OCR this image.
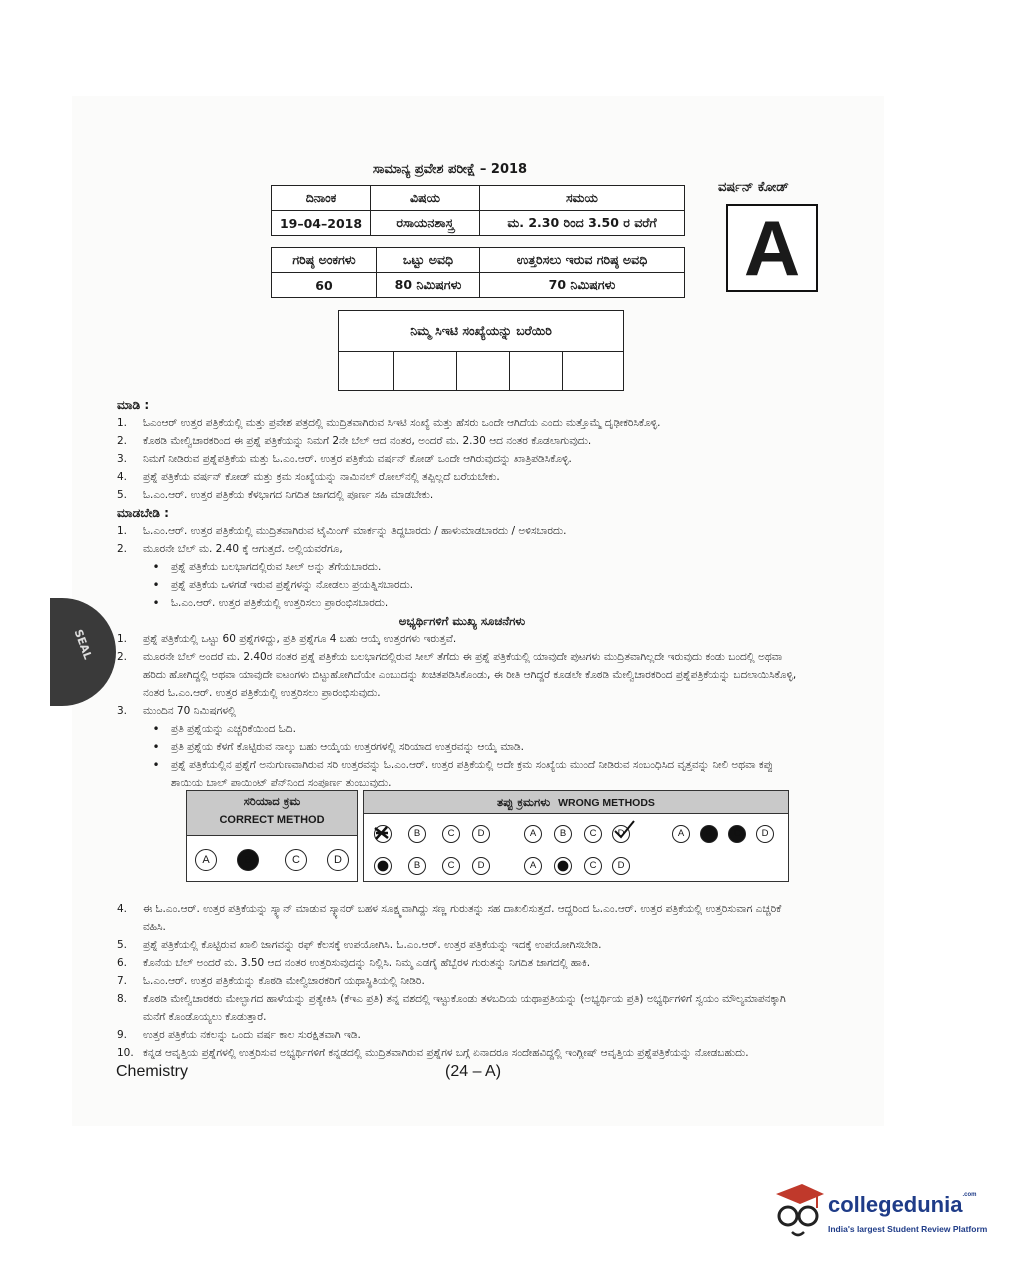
ಸಾಮಾನ್ಯ ಪ್ರವೇಶ ಪರೀಕ್ಷೆ – 2018
ದಿನಾಂಕ	ವಿಷಯ	ಸಮಯ
19–04–2018	ರಸಾಯನಶಾಸ್ತ್ರ	ಮ. 2.30 ರಿಂದ 3.50 ರ ವರೆಗೆ
ಗರಿಷ್ಠ ಅಂಕಗಳು	ಒಟ್ಟು ಅವಧಿ	ಉತ್ತರಿಸಲು ಇರುವ ಗರಿಷ್ಠ ಅವಧಿ
60	80 ನಿಮಿಷಗಳು	70 ನಿಮಿಷಗಳು
ವರ್ಷನ್ ಕೋಡ್
A
ನಿಮ್ಮ ಸಿಇಟಿ ಸಂಖ್ಯೆಯನ್ನು ಬರೆಯಿರಿ

SEAL
ಮಾಡಿ :
1.	ಓಎಂಆರ್ ಉತ್ತರ ಪತ್ರಿಕೆಯಲ್ಲಿ ಮತ್ತು ಪ್ರವೇಶ ಪತ್ರದಲ್ಲಿ ಮುದ್ರಿತವಾಗಿರುವ ಸಿಇಟಿ ಸಂಖ್ಯೆ ಮತ್ತು ಹೆಸರು ಒಂದೇ ಆಗಿದೆಯ ಎಂದು ಮತ್ತೊಮ್ಮೆ ದೃಢೀಕರಿಸಿಕೊಳ್ಳಿ.
2.	ಕೊಠಡಿ ಮೇಲ್ವಿಚಾರಕರಿಂದ ಈ ಪ್ರಶ್ನೆ ಪತ್ರಿಕೆಯನ್ನು ನಿಮಗೆ 2ನೇ ಬೆಲ್ ಆದ ನಂತರ, ಅಂದರೆ ಮ. 2.30 ಆದ ನಂತರ ಕೊಡಲಾಗುವುದು.
3.	ನಿಮಗೆ ನೀಡಿರುವ ಪ್ರಶ್ನೆಪತ್ರಿಕೆಯ ಮತ್ತು ಓ.ಎಂ.ಆರ್. ಉತ್ತರ ಪತ್ರಿಕೆಯ ವರ್ಷನ್ ಕೋಡ್ ಒಂದೇ ಆಗಿರುವುದನ್ನು ಖಾತ್ರಿಪಡಿಸಿಕೊಳ್ಳಿ.
4.	ಪ್ರಶ್ನೆ ಪತ್ರಿಕೆಯ ವರ್ಷನ್ ಕೋಡ್ ಮತ್ತು ಕ್ರಮ ಸಂಖ್ಯೆಯನ್ನು ನಾಮಿನಲ್ ರೋಲ್‌ನಲ್ಲಿ ತಪ್ಪಿಲ್ಲದೆ ಬರೆಯಬೇಕು.
5.	ಓ.ಎಂ.ಆರ್. ಉತ್ತರ ಪತ್ರಿಕೆಯ ಕೆಳಭಾಗದ ನಿಗದಿತ ಜಾಗದಲ್ಲಿ ಪೂರ್ಣ ಸಹಿ ಮಾಡಬೇಕು.
ಮಾಡಬೇಡಿ :
1.	ಓ.ಎಂ.ಆರ್. ಉತ್ತರ ಪತ್ರಿಕೆಯಲ್ಲಿ ಮುದ್ರಿತವಾಗಿರುವ ಟೈಮಿಂಗ್ ಮಾರ್ಕನ್ನು ತಿದ್ದಬಾರದು / ಹಾಳುಮಾಡಬಾರದು / ಅಳಿಸಬಾರದು.
2.	ಮೂರನೇ ಬೆಲ್ ಮ. 2.40 ಕ್ಕೆ ಆಗುತ್ತದೆ. ಅಲ್ಲಿಯವರೆಗೂ,
•	ಪ್ರಶ್ನೆ ಪತ್ರಿಕೆಯ ಬಲಭಾಗದಲ್ಲಿರುವ ಸೀಲ್ ಅನ್ನು ತೆಗೆಯಬಾರದು.
•	ಪ್ರಶ್ನೆ ಪತ್ರಿಕೆಯ ಒಳಗಡೆ ಇರುವ ಪ್ರಶ್ನೆಗಳನ್ನು ನೋಡಲು ಪ್ರಯತ್ನಿಸಬಾರದು.
•	ಓ.ಎಂ.ಆರ್. ಉತ್ತರ ಪತ್ರಿಕೆಯಲ್ಲಿ ಉತ್ತರಿಸಲು ಪ್ರಾರಂಭಿಸಬಾರದು.
ಅಭ್ಯರ್ಥಿಗಳಿಗೆ ಮುಖ್ಯ ಸೂಚನೆಗಳು
1.	ಪ್ರಶ್ನೆ ಪತ್ರಿಕೆಯಲ್ಲಿ ಒಟ್ಟು 60 ಪ್ರಶ್ನೆಗಳಿದ್ದು, ಪ್ರತಿ ಪ್ರಶ್ನೆಗೂ 4 ಬಹು ಆಯ್ಕೆ ಉತ್ತರಗಳು ಇರುತ್ತವೆ.
2.	ಮೂರನೇ ಬೆಲ್ ಅಂದರೆ ಮ. 2.40ರ ನಂತರ ಪ್ರಶ್ನೆ ಪತ್ರಿಕೆಯ ಬಲಭಾಗದಲ್ಲಿರುವ ಸೀಲ್ ತೆಗೆದು ಈ ಪ್ರಶ್ನೆ ಪತ್ರಿಕೆಯಲ್ಲಿ ಯಾವುದೇ ಪುಟಗಳು ಮುದ್ರಿತವಾಗಿಲ್ಲದೇ ಇರುವುದು ಕಂಡು ಬಂದಲ್ಲಿ ಅಥವಾ ಹರಿದು ಹೋಗಿದ್ದಲ್ಲಿ ಅಥವಾ ಯಾವುದೇ ಐಟಂಗಳು ಬಿಟ್ಟುಹೋಗಿದೆಯೇ ಎಂಬುದನ್ನು ಖಚಿತಪಡಿಸಿಕೊಂಡು, ಈ ರೀತಿ ಆಗಿದ್ದರೆ ಕೂಡಲೇ ಕೊಠಡಿ ಮೇಲ್ವಿಚಾರಕರಿಂದ ಪ್ರಶ್ನೆಪತ್ರಿಕೆಯನ್ನು ಬದಲಾಯಿಸಿಕೊಳ್ಳಿ, ನಂತರ ಓ.ಎಂ.ಆರ್. ಉತ್ತರ ಪತ್ರಿಕೆಯಲ್ಲಿ ಉತ್ತರಿಸಲು ಪ್ರಾರಂಭಿಸುವುದು.
3.	ಮುಂದಿನ 70 ನಿಮಿಷಗಳಲ್ಲಿ
•	ಪ್ರತಿ ಪ್ರಶ್ನೆಯನ್ನು ಎಚ್ಚರಿಕೆಯಿಂದ ಓದಿ.
•	ಪ್ರತಿ ಪ್ರಶ್ನೆಯ ಕೆಳಗೆ ಕೊಟ್ಟಿರುವ ನಾಲ್ಕು ಬಹು ಆಯ್ಕೆಯ ಉತ್ತರಗಳಲ್ಲಿ ಸರಿಯಾದ ಉತ್ತರವನ್ನು ಆಯ್ಕೆ ಮಾಡಿ.
•	ಪ್ರಶ್ನೆ ಪತ್ರಿಕೆಯಲ್ಲಿನ ಪ್ರಶ್ನೆಗೆ ಅನುಗುಣವಾಗಿರುವ ಸರಿ ಉತ್ತರವನ್ನು ಓ.ಎಂ.ಆರ್. ಉತ್ತರ ಪತ್ರಿಕೆಯಲ್ಲಿ ಅದೇ ಕ್ರಮ ಸಂಖ್ಯೆಯ ಮುಂದೆ ನೀಡಿರುವ ಸಂಬಂಧಿಸಿದ ವೃತ್ತವನ್ನು ನೀಲಿ ಅಥವಾ ಕಪ್ಪು ಶಾಯಿಯ ಬಾಲ್ ಪಾಯಿಂಟ್ ಪೆನ್‌ನಿಂದ ಸಂಪೂರ್ಣ ತುಂಬುವುದು.
4.	ಈ ಓ.ಎಂ.ಆರ್. ಉತ್ತರ ಪತ್ರಿಕೆಯನ್ನು ಸ್ಕ್ಯಾನ್ ಮಾಡುವ ಸ್ಕ್ಯಾನರ್ ಬಹಳ ಸೂಕ್ಷ್ಮವಾಗಿದ್ದು ಸಣ್ಣ ಗುರುತನ್ನು ಸಹ ದಾಖಲಿಸುತ್ತದೆ. ಆದ್ದರಿಂದ ಓ.ಎಂ.ಆರ್. ಉತ್ತರ ಪತ್ರಿಕೆಯಲ್ಲಿ ಉತ್ತರಿಸುವಾಗ ಎಚ್ಚರಿಕೆ ವಹಿಸಿ.
5.	ಪ್ರಶ್ನೆ ಪತ್ರಿಕೆಯಲ್ಲಿ ಕೊಟ್ಟಿರುವ ಖಾಲಿ ಜಾಗವನ್ನು ರಫ್ ಕೆಲಸಕ್ಕೆ ಉಪಯೋಗಿಸಿ. ಓ.ಎಂ.ಆರ್. ಉತ್ತರ ಪತ್ರಿಕೆಯನ್ನು ಇದಕ್ಕೆ ಉಪಯೋಗಿಸಬೇಡಿ.
6.	ಕೊನೆಯ ಬೆಲ್ ಅಂದರೆ ಮ. 3.50 ಆದ ನಂತರ ಉತ್ತರಿಸುವುದನ್ನು ನಿಲ್ಲಿಸಿ. ನಿಮ್ಮ ಎಡಗೈ ಹೆಬ್ಬೆರಳ ಗುರುತನ್ನು ನಿಗದಿತ ಜಾಗದಲ್ಲಿ ಹಾಕಿ.
7.	ಓ.ಎಂ.ಆರ್. ಉತ್ತರ ಪತ್ರಿಕೆಯನ್ನು ಕೊಠಡಿ ಮೇಲ್ವಿಚಾರಕರಿಗೆ ಯಥಾಸ್ಥಿತಿಯಲ್ಲಿ ನೀಡಿರಿ.
8.	ಕೊಠಡಿ ಮೇಲ್ವಿಚಾರಕರು ಮೇಲ್ಭಾಗದ ಹಾಳೆಯನ್ನು ಪ್ರತ್ಯೇಕಿಸಿ (ಕೆಇಎ ಪ್ರತಿ) ತನ್ನ ವಶದಲ್ಲಿ ಇಟ್ಟುಕೊಂಡು ತಳಬದಿಯ ಯಥಾಪ್ರತಿಯನ್ನು (ಅಭ್ಯರ್ಥಿಯ ಪ್ರತಿ) ಅಭ್ಯರ್ಥಿಗಳಿಗೆ ಸ್ವಯಂ ಮೌಲ್ಯಮಾಪನಕ್ಕಾಗಿ ಮನೆಗೆ ಕೊಂಡೊಯ್ಯಲು ಕೊಡುತ್ತಾರೆ.
9.	ಉತ್ತರ ಪತ್ರಿಕೆಯ ನಕಲನ್ನು ಒಂದು ವರ್ಷ ಕಾಲ ಸುರಕ್ಷಿತವಾಗಿ ಇಡಿ.
10. ಕನ್ನಡ ಆವೃತ್ತಿಯ ಪ್ರಶ್ನೆಗಳಲ್ಲಿ ಉತ್ತರಿಸುವ ಅಭ್ಯರ್ಥಿಗಳಿಗೆ ಕನ್ನಡದಲ್ಲಿ ಮುದ್ರಿತವಾಗಿರುವ ಪ್ರಶ್ನೆಗಳ ಬಗ್ಗೆ ಏನಾದರೂ ಸಂದೇಹವಿದ್ದಲ್ಲಿ ಇಂಗ್ಲೀಷ್ ಆವೃತ್ತಿಯ ಪ್ರಶ್ನೆಪತ್ರಿಕೆಯನ್ನು ನೋಡಬಹುದು.
ಸರಿಯಾದ ಕ್ರಮ
CORRECT METHOD
A	B	C	D
ತಪ್ಪು ಕ್ರಮಗಳು WRONG METHODS
B	C	D	A	B	C	D	A	B	C	D
B	C	D	A	C	D
Chemistry	(24 – A)
collegedunia$^{.com}$
India's largest Student Review Platform
